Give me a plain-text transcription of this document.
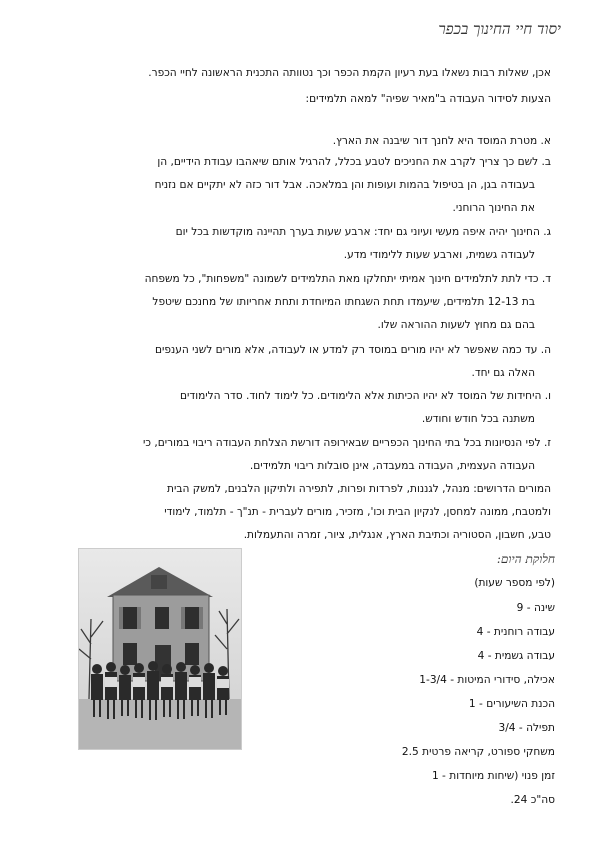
יסוד חיי החינוך בכפר
אכן, שאלות רבות נשאלו בעת רעיון הקמת הכפר וכך נטוותה התכנית הראשונה לחיי הכפר.
הצעות לסידור העבודה ב"מאיר שפיה" למאה תלמידים:
א. מטרת המוסד היא לחנך דור שיבנה את הארץ.
ב. לשם כך צריך לקרב את החניכים לטבע בכלל, להרגיל אותם שיאהבו עבודת הידיים, הן
בעבודה בגן, הן בטיפול בהמות ועופות והן במלאכה. אבל דור כזה לא יתקיים אם נזניח
את החינוך הרוחני.
ג. החינוך יהיה איפה מעשי ועיוני גם יחד: ארבע שעות בערך תהיינה מוקדשות בכל יום
לעבודה גשמית, וארבע שעות ללימודי מדע.
ד. כדי לתת לתלמידים חינוך אמיתי יתחלקו מאת התלמידים לשמונה "משפחות", כל משפחה
בת 12-13 תלמידים, שיעמדו תחת השגחתו המיוחדת ותחת אחריותו של מחנכם שיטפל
בהם גם מחוץ לשעות ההוראה שלו.
ה. עד כמה שאפשר לא יהיו מורים במוסד רק למדע או לעבודה, אלא מורים לשני הענפים
האלה גם יחד.
ו. היחידות של המוסד לא יהיו הכיתות אלא הלימודים. כל לימוד לחוד. סדר הלימודים
משתנה בכל חודש וחודש.
ז. לפי הנסיונות בכל בתי החינוך הכפריים שבאירופה דורשת הצלחת העבודה ריבוי במורים, כי
העבודה העצמית, העבודה במעבדה, אינן סובלות ריבוי תלמידים.
המורים הדרושים: מנהל, לגננות, לפרדות ופרות, לתפירה ולתיקון הלבנים, למשק הבית
ולמטבח, ממונה למחסן, לנקיון הבית וכו', מזכיר, מורים לעברית - תנ"ך - תלמוד, לימודי
טבע, חשבון, הסטוריה וכתיבת הארץ, אנגלית, ציור, זמרה והתעמלות.
חלוקת היום:
(לפי מספר שעות)
שינה - 9
עבודה רוחנית - 4
עבודה גשמית - 4
אכילה, סידורי המיטות - 1-3/4
הכנת השיעורים - 1
תפילה - 3/4
משחקי ספורט, קריאה פרטית 2.5
זמן פנוי (שיחות מיוחדות - 1
סה"כ 24.
